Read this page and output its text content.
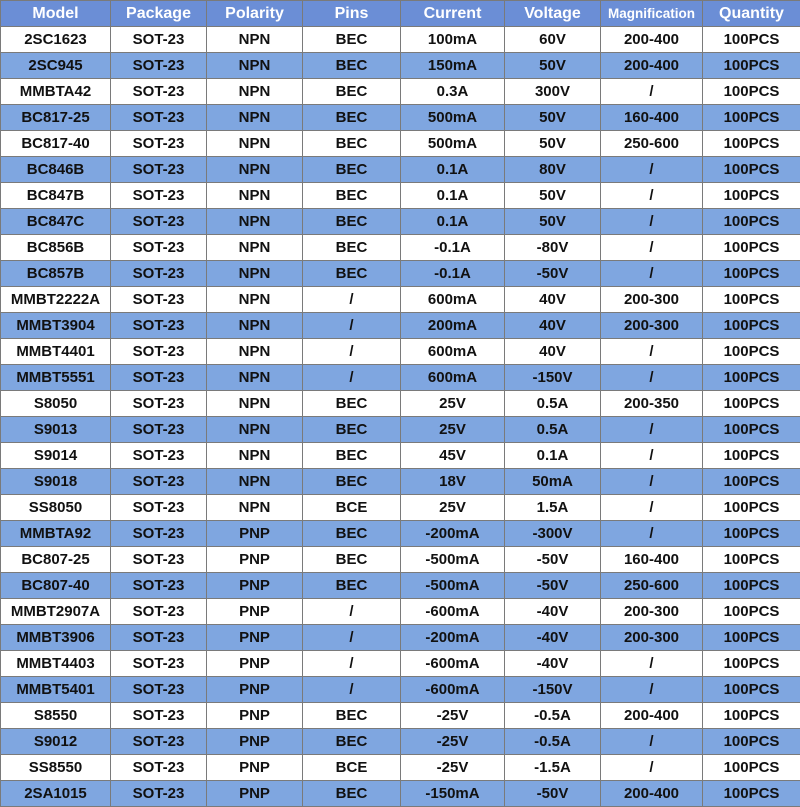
Model	Package	Polarity	Pins	Current	Voltage	Magnification	Quantity
2SC1623	SOT-23	NPN	BEC	100mA	60V	200-400	100PCS
2SC945	SOT-23	NPN	BEC	150mA	50V	200-400	100PCS
MMBTA42	SOT-23	NPN	BEC	0.3A	300V	/	100PCS
BC817-25	SOT-23	NPN	BEC	500mA	50V	160-400	100PCS
BC817-40	SOT-23	NPN	BEC	500mA	50V	250-600	100PCS
BC846B	SOT-23	NPN	BEC	0.1A	80V	/	100PCS
BC847B	SOT-23	NPN	BEC	0.1A	50V	/	100PCS
BC847C	SOT-23	NPN	BEC	0.1A	50V	/	100PCS
BC856B	SOT-23	NPN	BEC	-0.1A	-80V	/	100PCS
BC857B	SOT-23	NPN	BEC	-0.1A	-50V	/	100PCS
MMBT2222A	SOT-23	NPN	/	600mA	40V	200-300	100PCS
MMBT3904	SOT-23	NPN	/	200mA	40V	200-300	100PCS
MMBT4401	SOT-23	NPN	/	600mA	40V	/	100PCS
MMBT5551	SOT-23	NPN	/	600mA	-150V	/	100PCS
S8050	SOT-23	NPN	BEC	25V	0.5A	200-350	100PCS
S9013	SOT-23	NPN	BEC	25V	0.5A	/	100PCS
S9014	SOT-23	NPN	BEC	45V	0.1A	/	100PCS
S9018	SOT-23	NPN	BEC	18V	50mA	/	100PCS
SS8050	SOT-23	NPN	BCE	25V	1.5A	/	100PCS
MMBTA92	SOT-23	PNP	BEC	-200mA	-300V	/	100PCS
BC807-25	SOT-23	PNP	BEC	-500mA	-50V	160-400	100PCS
BC807-40	SOT-23	PNP	BEC	-500mA	-50V	250-600	100PCS
MMBT2907A	SOT-23	PNP	/	-600mA	-40V	200-300	100PCS
MMBT3906	SOT-23	PNP	/	-200mA	-40V	200-300	100PCS
MMBT4403	SOT-23	PNP	/	-600mA	-40V	/	100PCS
MMBT5401	SOT-23	PNP	/	-600mA	-150V	/	100PCS
S8550	SOT-23	PNP	BEC	-25V	-0.5A	200-400	100PCS
S9012	SOT-23	PNP	BEC	-25V	-0.5A	/	100PCS
SS8550	SOT-23	PNP	BCE	-25V	-1.5A	/	100PCS
2SA1015	SOT-23	PNP	BEC	-150mA	-50V	200-400	100PCS
